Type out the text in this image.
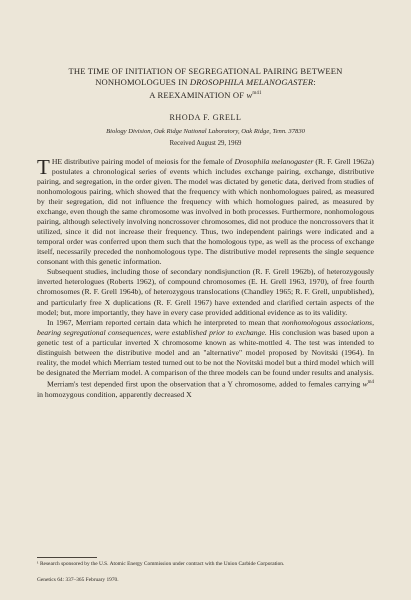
THE TIME OF INITIATION OF SEGREGATIONAL PAIRING BETWEEN
NONHOMOLOGUES IN DROSOPHILA MELANOGASTER:
A REEXAMINATION OF $w^{m41}$
RHODA F. GRELL
Biology Division, Oak Ridge National Laboratory, Oak Ridge, Tenn. 37830
Received August 29, 1969

THE distributive pairing model of meiosis for the female of Drosophila melanogaster (R. F. Grell 1962a) postulates a chronological series of events which includes exchange pairing, exchange, distributive pairing, and segregation, in the order given. The model was dictated by genetic data, derived from studies of nonhomologous pairing, which showed that the frequency with which nonhomologues paired, as measured by their segregation, did not influence the frequency with which homologues paired, as measured by exchange, even though the same chromosome was involved in both processes. Furthermore, nonhomologous pairing, although selectively involving noncrossover chromosomes, did not produce the noncrossovers that it utilized, since it did not increase their frequency. Thus, two independent pairings were indicated and a temporal order was conferred upon them such that the homologous type, as well as the process of exchange itself, necessarily preceded the nonhomologous type. The distributive model represents the single sequence consonant with this genetic information.

Subsequent studies, including those of secondary nondisjunction (R. F. Grell 1962b), of heterozygously inverted heterologues (Roberts 1962), of compound chromosomes (E. H. Grell 1963, 1970), of free fourth chromosomes (R. F. Grell 1964b), of heterozygous translocations (Chandley 1965; R. F. Grell, unpublished), and particularly free X duplications (R. F. Grell 1967) have extended and clarified certain aspects of the model; but, more importantly, they have in every case provided additional evidence as to its validity.

In 1967, Merriam reported certain data which he interpreted to mean that nonhomologous associations, bearing segregational consequences, were established prior to exchange. His conclusion was based upon a genetic test of a particular inverted X chromosome known as white-mottled 4. The test was intended to distinguish between the distributive model and an "alternative" model proposed by Novitski (1964). In reality, the model which Merriam tested turned out to be not the Novitski model but a third model which will be designated the Merriam model. A comparison of the three models can be found under results and analysis.

Merriam's test depended first upon the observation that a Y chromosome, added to females carrying $w^{m4}$ in homozygous condition, apparently decreased X

¹ Research sponsored by the U.S. Atomic Energy Commission under contract with the Union Carbide Corporation.
Genetics 64: 337–365 February 1970.
